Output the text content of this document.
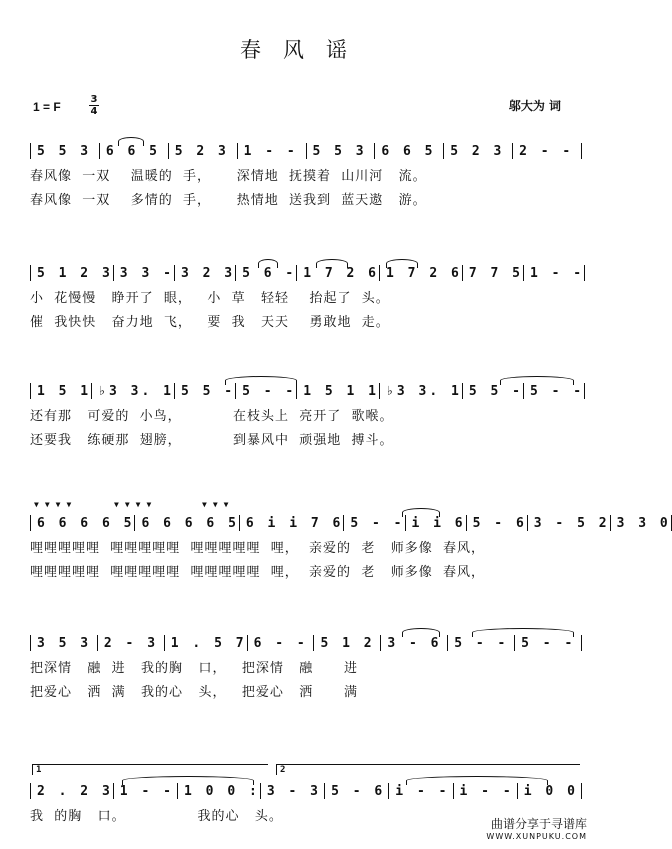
春风谣
1 = F
3
4	邬大为 词
5 5 3	6 6 5	5 2 3	1 - -	5 5 3	6 6 5	5 2 3	2 - -
春风像  一双    温暖的  手，     深情地  抚摸着  山川河   流。
春风像  一双    多情的  手，     热情地  送我到  蓝天遨   游。
5 1 2 3 3 3 - 3 2 3 5 6 - 1 7 2 6 1 7 2 6 7 7 5 1 - -
小  花慢慢   睁开了  眼，   小  草   轻轻    抬起了  头。
催  我快快   奋力地  飞，   要  我   天天    勇敢地  走。
1 5 1 ♭3 3. 1 5 5 - 5 - - 1 5 1 1 ♭3 3. 1 5 5 - 5 - -
还有那   可爱的  小鸟，          在枝头上  亮开了  歌喉。
还要我   练硬那  翅膀，          到暴风中  顽强地  搏斗。
▼▼▼▼	▼▼▼▼	▼▼▼
6 6 6 6 5 6 6 6 6 5 6 i i 7 6 5 - - i i 6 5 - 6 3 - 5 2 3 3 0
哩哩哩哩哩  哩哩哩哩哩  哩哩哩哩哩  哩，  亲爱的  老   师多像  春风，
哩哩哩哩哩  哩哩哩哩哩  哩哩哩哩哩  哩，  亲爱的  老   师多像  春风，
3 5 3 2 - 3 1 . 5 7 6 - - 5 1 2 3 - 6 5 - - 5 - -
把深情   融  进   我的胸   口，   把深情   融      进
把爱心   洒  满   我的心   头，   把爱心   洒      满
1	2
2 . 2 3 1 - - 1 0 0 : 3 - 3 5 - 6 i - - i - - i 0 0
我  的胸   口。              我的心   头。
曲谱分享于寻谱库
WWW.XUNPUKU.COM
